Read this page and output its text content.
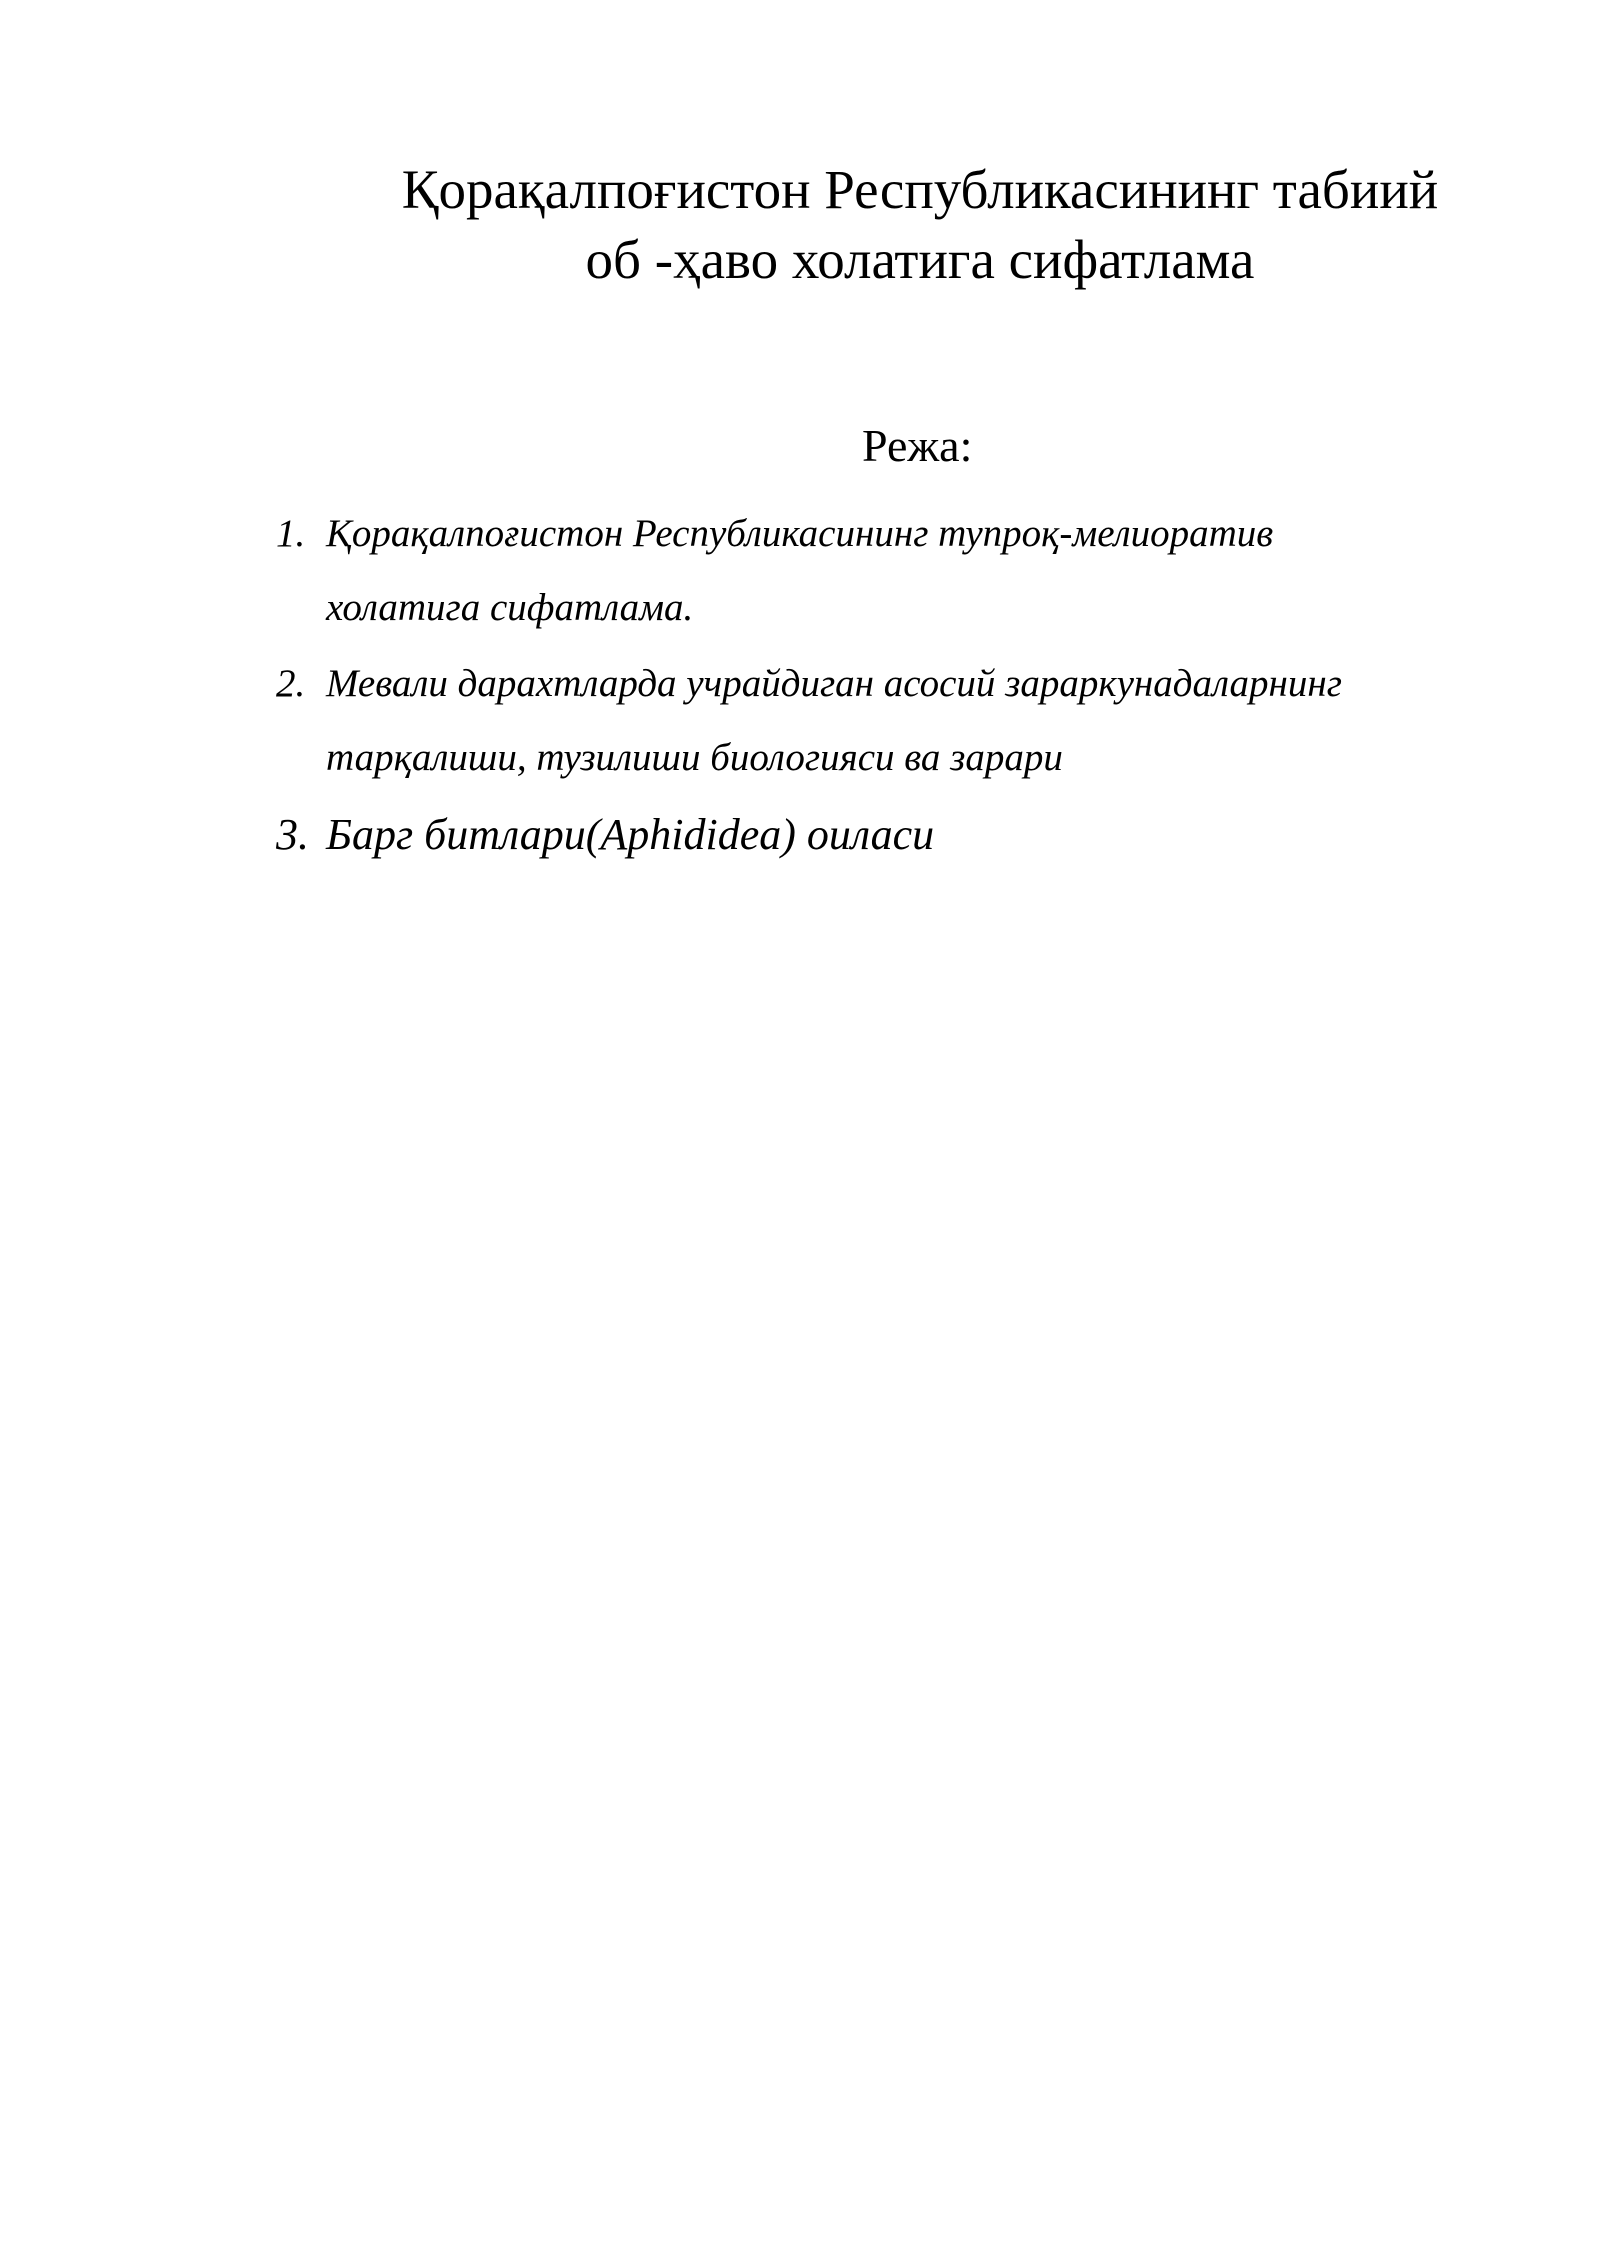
Қорақалпоғистон Республикасининг табиий
об -ҳаво холатига сифатлама
Режа:
1. Қорақалпоғистон Республикасининг тупроқ-мелиоратив
холатига сифатлама.
2. Мевали дарахтларда учрайдиган асосий зараркунадаларнинг
тарқалиши, тузилиши биологияси ва зарари
3. Барг битлари(Aphididea) оиласи
